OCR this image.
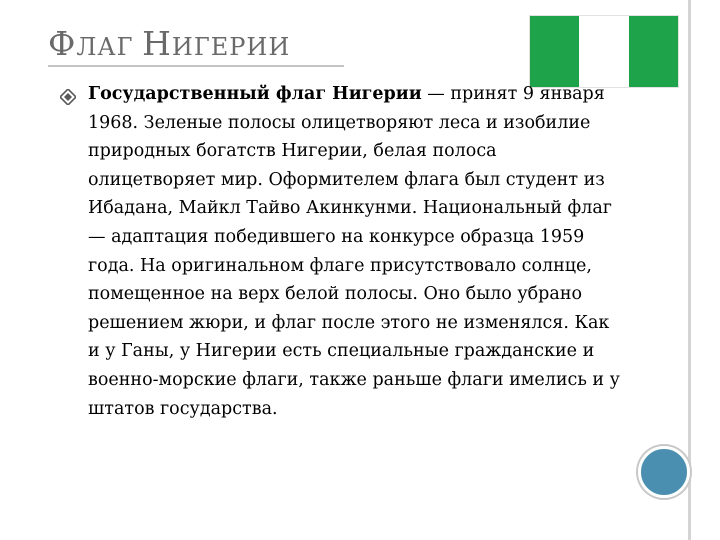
ФЛАГ НИГЕРИИ

Государственный флаг Нигерии — принят 9 января 1968. Зеленые полосы олицетворяют леса и изобилие природных богатств Нигерии, белая полоса олицетворяет мир. Оформителем флага был студент из Ибадана, Майкл Тайво Акинкунми. Национальный флаг — адаптация победившего на конкурсе образца 1959 года. На оригинальном флаге присутствовало солнце, помещенное на верх белой полосы. Оно было убрано решением жюри, и флаг после этого не изменялся. Как и у Ганы, у Нигерии есть специальные гражданские и военно-морские флаги, также раньше флаги имелись и у штатов государства.
